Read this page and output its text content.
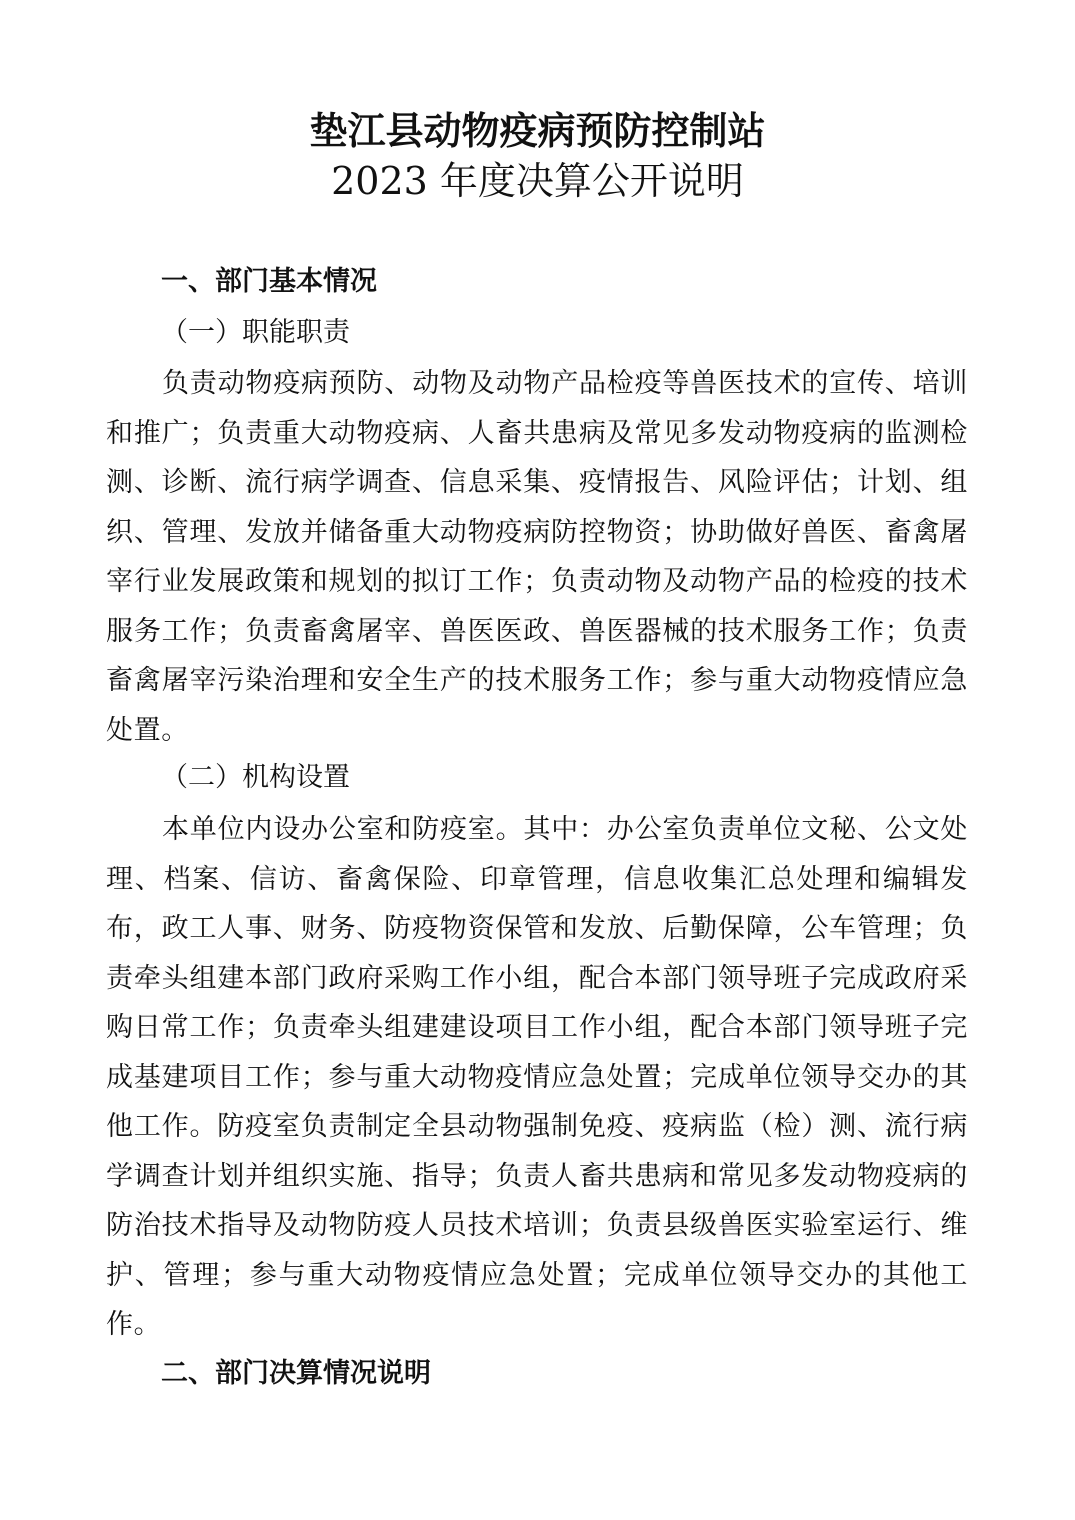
垫江县动物疫病预防控制站
2023 年度决算公开说明
一、部门基本情况
（一）职能职责

负责动物疫病预防、动物及动物产品检疫等兽医技术的宣传、培训和推广；负责重大动物疫病、人畜共患病及常见多发动物疫病的监测检测、诊断、流行病学调查、信息采集、疫情报告、风险评估；计划、组织、管理、发放并储备重大动物疫病防控物资；协助做好兽医、畜禽屠宰行业发展政策和规划的拟订工作；负责动物及动物产品的检疫的技术服务工作；负责畜禽屠宰、兽医医政、兽医器械的技术服务工作；负责畜禽屠宰污染治理和安全生产的技术服务工作；参与重大动物疫情应急处置。

（二）机构设置

本单位内设办公室和防疫室。其中：办公室负责单位文秘、公文处理、档案、信访、畜禽保险、印章管理，信息收集汇总处理和编辑发布，政工人事、财务、防疫物资保管和发放、后勤保障，公车管理；负责牵头组建本部门政府采购工作小组，配合本部门领导班子完成政府采购日常工作；负责牵头组建建设项目工作小组，配合本部门领导班子完成基建项目工作；参与重大动物疫情应急处置；完成单位领导交办的其他工作。防疫室负责制定全县动物强制免疫、疫病监（检）测、流行病学调查计划并组织实施、指导；负责人畜共患病和常见多发动物疫病的防治技术指导及动物防疫人员技术培训；负责县级兽医实验室运行、维护、管理；参与重大动物疫情应急处置；完成单位领导交办的其他工作。

二、部门决算情况说明
